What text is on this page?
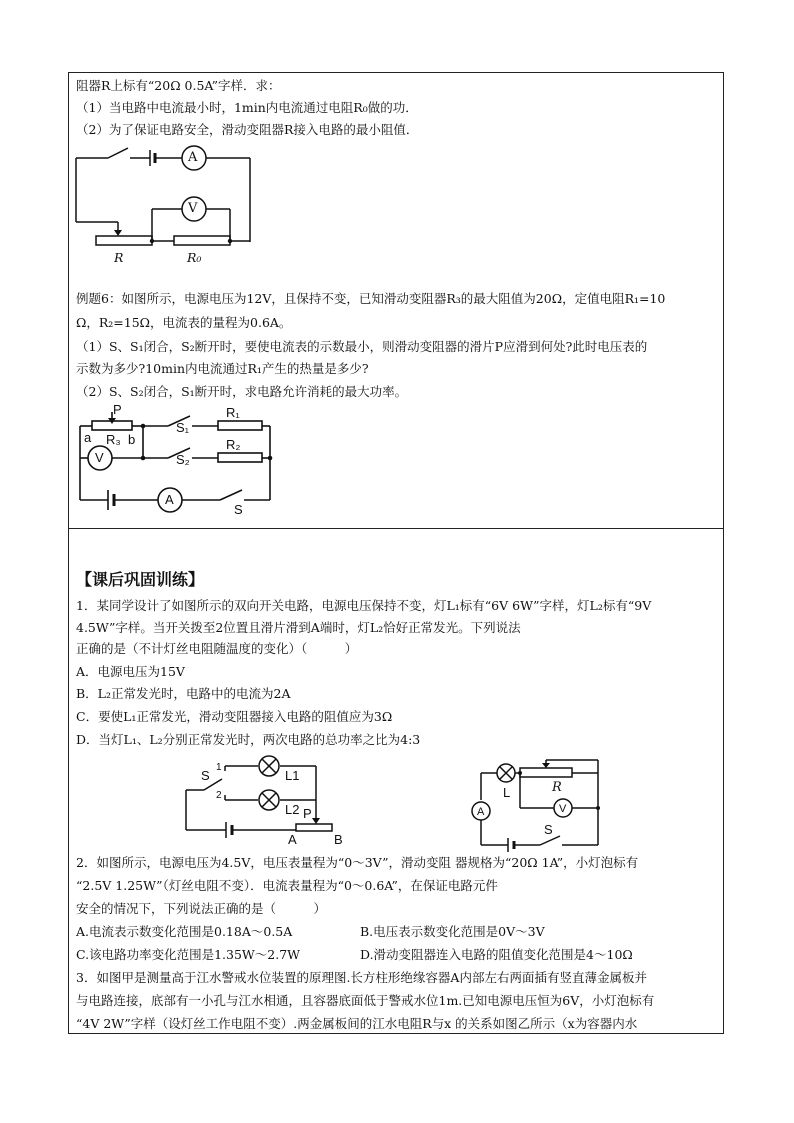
阻器R上标有“20Ω 0.5A”字样．求：
（1）当电路中电流最小时，1min内电流通过电阻R₀做的功．
（2）为了保证电路安全，滑动变阻器R接入电路的最小阻值．
A
V
R	R₀
例题6：如图所示，电源电压为12V，且保持不变，已知滑动变阻器R₃的最大阻值为20Ω，定值电阻R₁=10
Ω，R₂=15Ω，电流表的量程为0.6A。
（1）S、S₁闭合，S₂断开时，要使电流表的示数最小，则滑动变阻器的滑片P应滑到何处?此时电压表的
示数为多少?10min内电流通过R₁产生的热量是多少?
（2）S、S₂闭合，S₁断开时，求电路允许消耗的最大功率。
P	R₁
R₂
R₃
a	b
S₁
S₂
V
A
S
【课后巩固训练】
1．某同学设计了如图所示的双向开关电路，电源电压保持不变，灯L₁标有“6V 6W”字样，灯L₂标有“9V
4.5W”字样。当开关拨至2位置且滑片滑到A端时，灯L₂恰好正常发光。下列说法
正确的是（不计灯丝电阻随温度的变化）（　　　）
A．电源电压为15V
B．L₂正常发光时，电路中的电流为2A
C．要使L₁正常发光，滑动变阻器接入电路的阻值应为3Ω
D．当灯L₁、L₂分别正常发光时，两次电路的总功率之比为4:3
S
1
2
L1
L2 P
A	B
L	R
V
A
S
2．如图所示，电源电压为4.5V，电压表量程为“0～3V”，滑动变阻 器规格为“20Ω 1A”，小灯泡标有
“2.5V 1.25W”（灯丝电阻不变）．电流表量程为“0～0.6A”，在保证电路元件
安全的情况下，下列说法正确的是（　　　）
A.电流表示数变化范围是0.18A～0.5A	B.电压表示数变化范围是0V～3V
C.该电路功率变化范围是1.35W～2.7W	D.滑动变阻器连入电路的阻值变化范围是4～10Ω
3．如图甲是测量高于江水警戒水位装置的原理图.长方柱形绝缘容器A内部左右两面插有竖直薄金属板并
与电路连接，底部有一小孔与江水相通，且容器底面低于警戒水位1m.已知电源电压恒为6V，小灯泡标有
“4V 2W”字样（设灯丝工作电阻不变）.两金属板间的江水电阻R与x 的关系如图乙所示（x为容器内水
